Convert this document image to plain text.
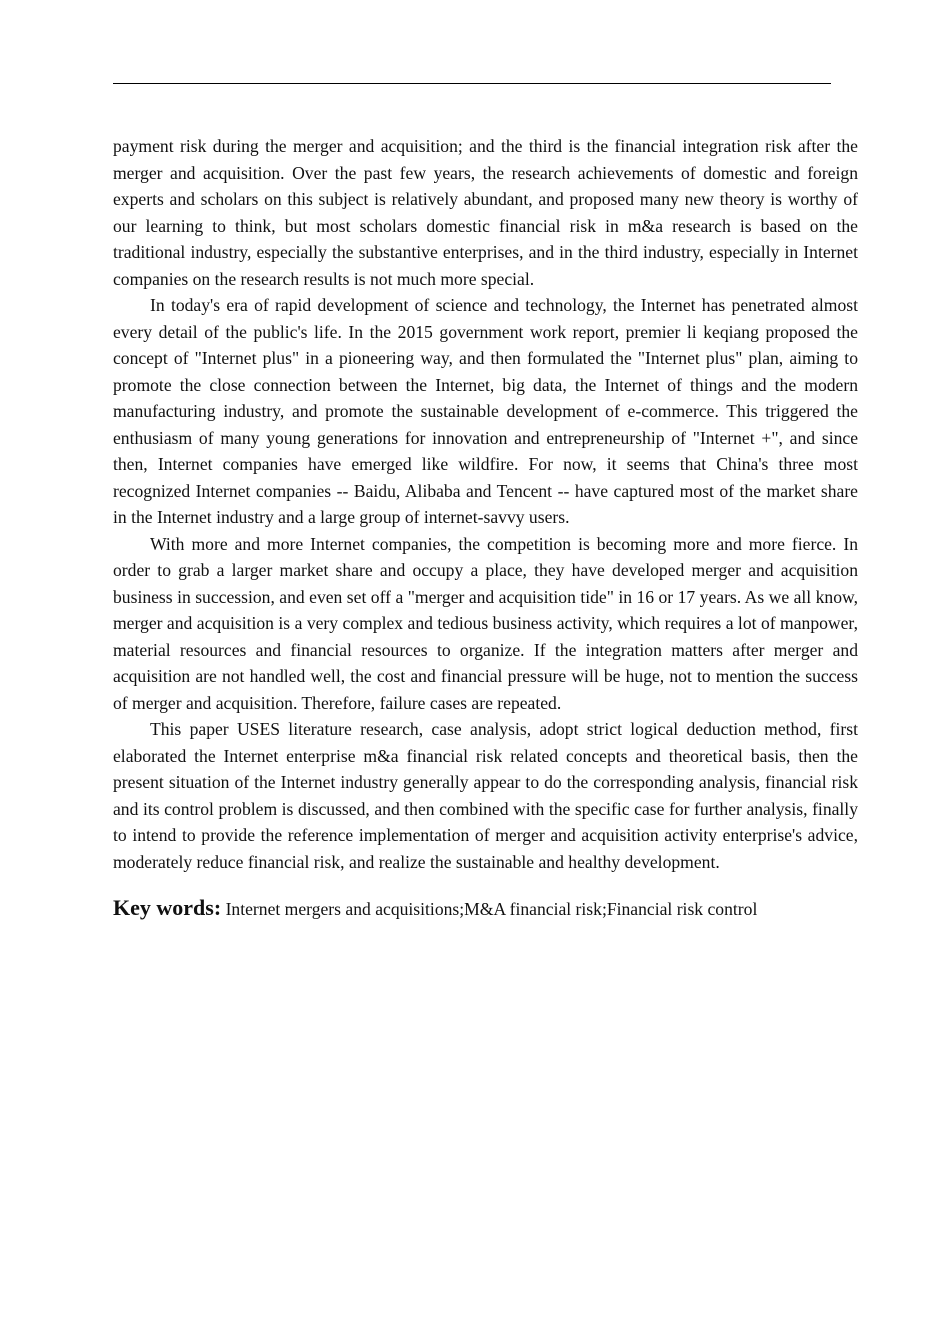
payment risk during the merger and acquisition; and the third is the financial integration risk after the merger and acquisition. Over the past few years, the research achievements of domestic and foreign experts and scholars on this subject is relatively abundant, and proposed many new theory is worthy of our learning to think, but most scholars domestic financial risk in m&a research is based on the traditional industry, especially the substantive enterprises, and in the third industry, especially in Internet companies on the research results is not much more special.

In today's era of rapid development of science and technology, the Internet has penetrated almost every detail of the public's life. In the 2015 government work report, premier li keqiang proposed the concept of "Internet plus" in a pioneering way, and then formulated the "Internet plus" plan, aiming to promote the close connection between the Internet, big data, the Internet of things and the modern manufacturing industry, and promote the sustainable development of e-commerce. This triggered the enthusiasm of many young generations for innovation and entrepreneurship of "Internet +", and since then, Internet companies have emerged like wildfire. For now, it seems that China's three most recognized Internet companies -- Baidu, Alibaba and Tencent -- have captured most of the market share in the Internet industry and a large group of internet-savvy users.

With more and more Internet companies, the competition is becoming more and more fierce. In order to grab a larger market share and occupy a place, they have developed merger and acquisition business in succession, and even set off a "merger and acquisition tide" in 16 or 17 years. As we all know, merger and acquisition is a very complex and tedious business activity, which requires a lot of manpower, material resources and financial resources to organize. If the integration matters after merger and acquisition are not handled well, the cost and financial pressure will be huge, not to mention the success of merger and acquisition. Therefore, failure cases are repeated.

This paper USES literature research, case analysis, adopt strict logical deduction method, first elaborated the Internet enterprise m&a financial risk related concepts and theoretical basis, then the present situation of the Internet industry generally appear to do the corresponding analysis, financial risk and its control problem is discussed, and then combined with the specific case for further analysis, finally to intend to provide the reference implementation of merger and acquisition activity enterprise's advice, moderately reduce financial risk, and realize the sustainable and healthy development.

Key words: Internet mergers and acquisitions;M&A financial risk;Financial risk control
